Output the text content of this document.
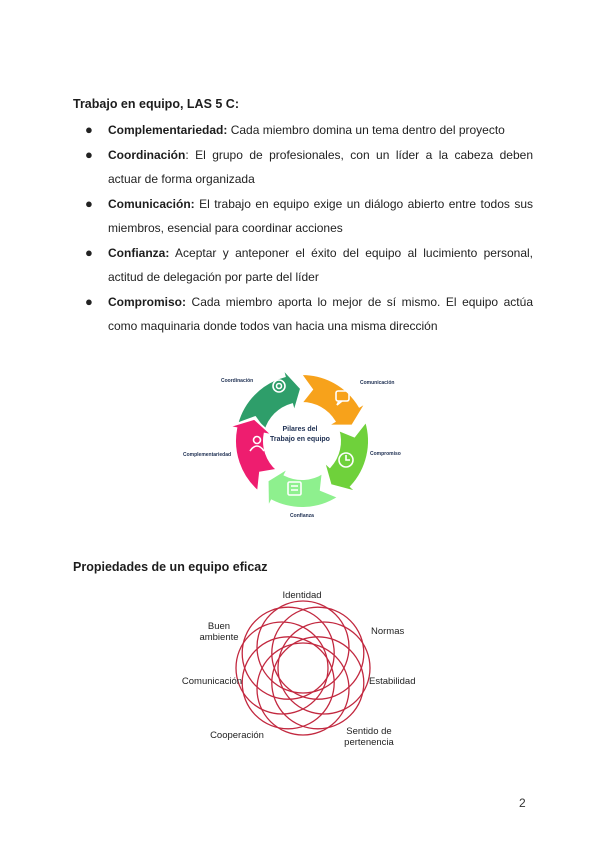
Trabajo en equipo, LAS 5 C:
● Complementariedad: Cada miembro domina un tema dentro del proyecto
● Coordinación: El grupo de profesionales, con un líder a la cabeza deben actuar de forma organizada
● Comunicación: El trabajo en equipo exige un diálogo abierto entre todos sus miembros, esencial para coordinar acciones
● Confianza: Aceptar y anteponer el éxito del equipo al lucimiento personal, actitud de delegación por parte del líder
● Compromiso: Cada miembro aporta lo mejor de sí mismo. El equipo actúa como maquinaria donde todos van hacia una misma dirección
Pilares del
Trabajo en equipo
Coordinación	Comunicación
Compromiso
Confianza
Complementariedad
Propiedades de un equipo eficaz
Identidad
Normas
Estabilidad
Sentido de
pertenencia
Cooperación
Comunicación
Buen
ambiente
2
